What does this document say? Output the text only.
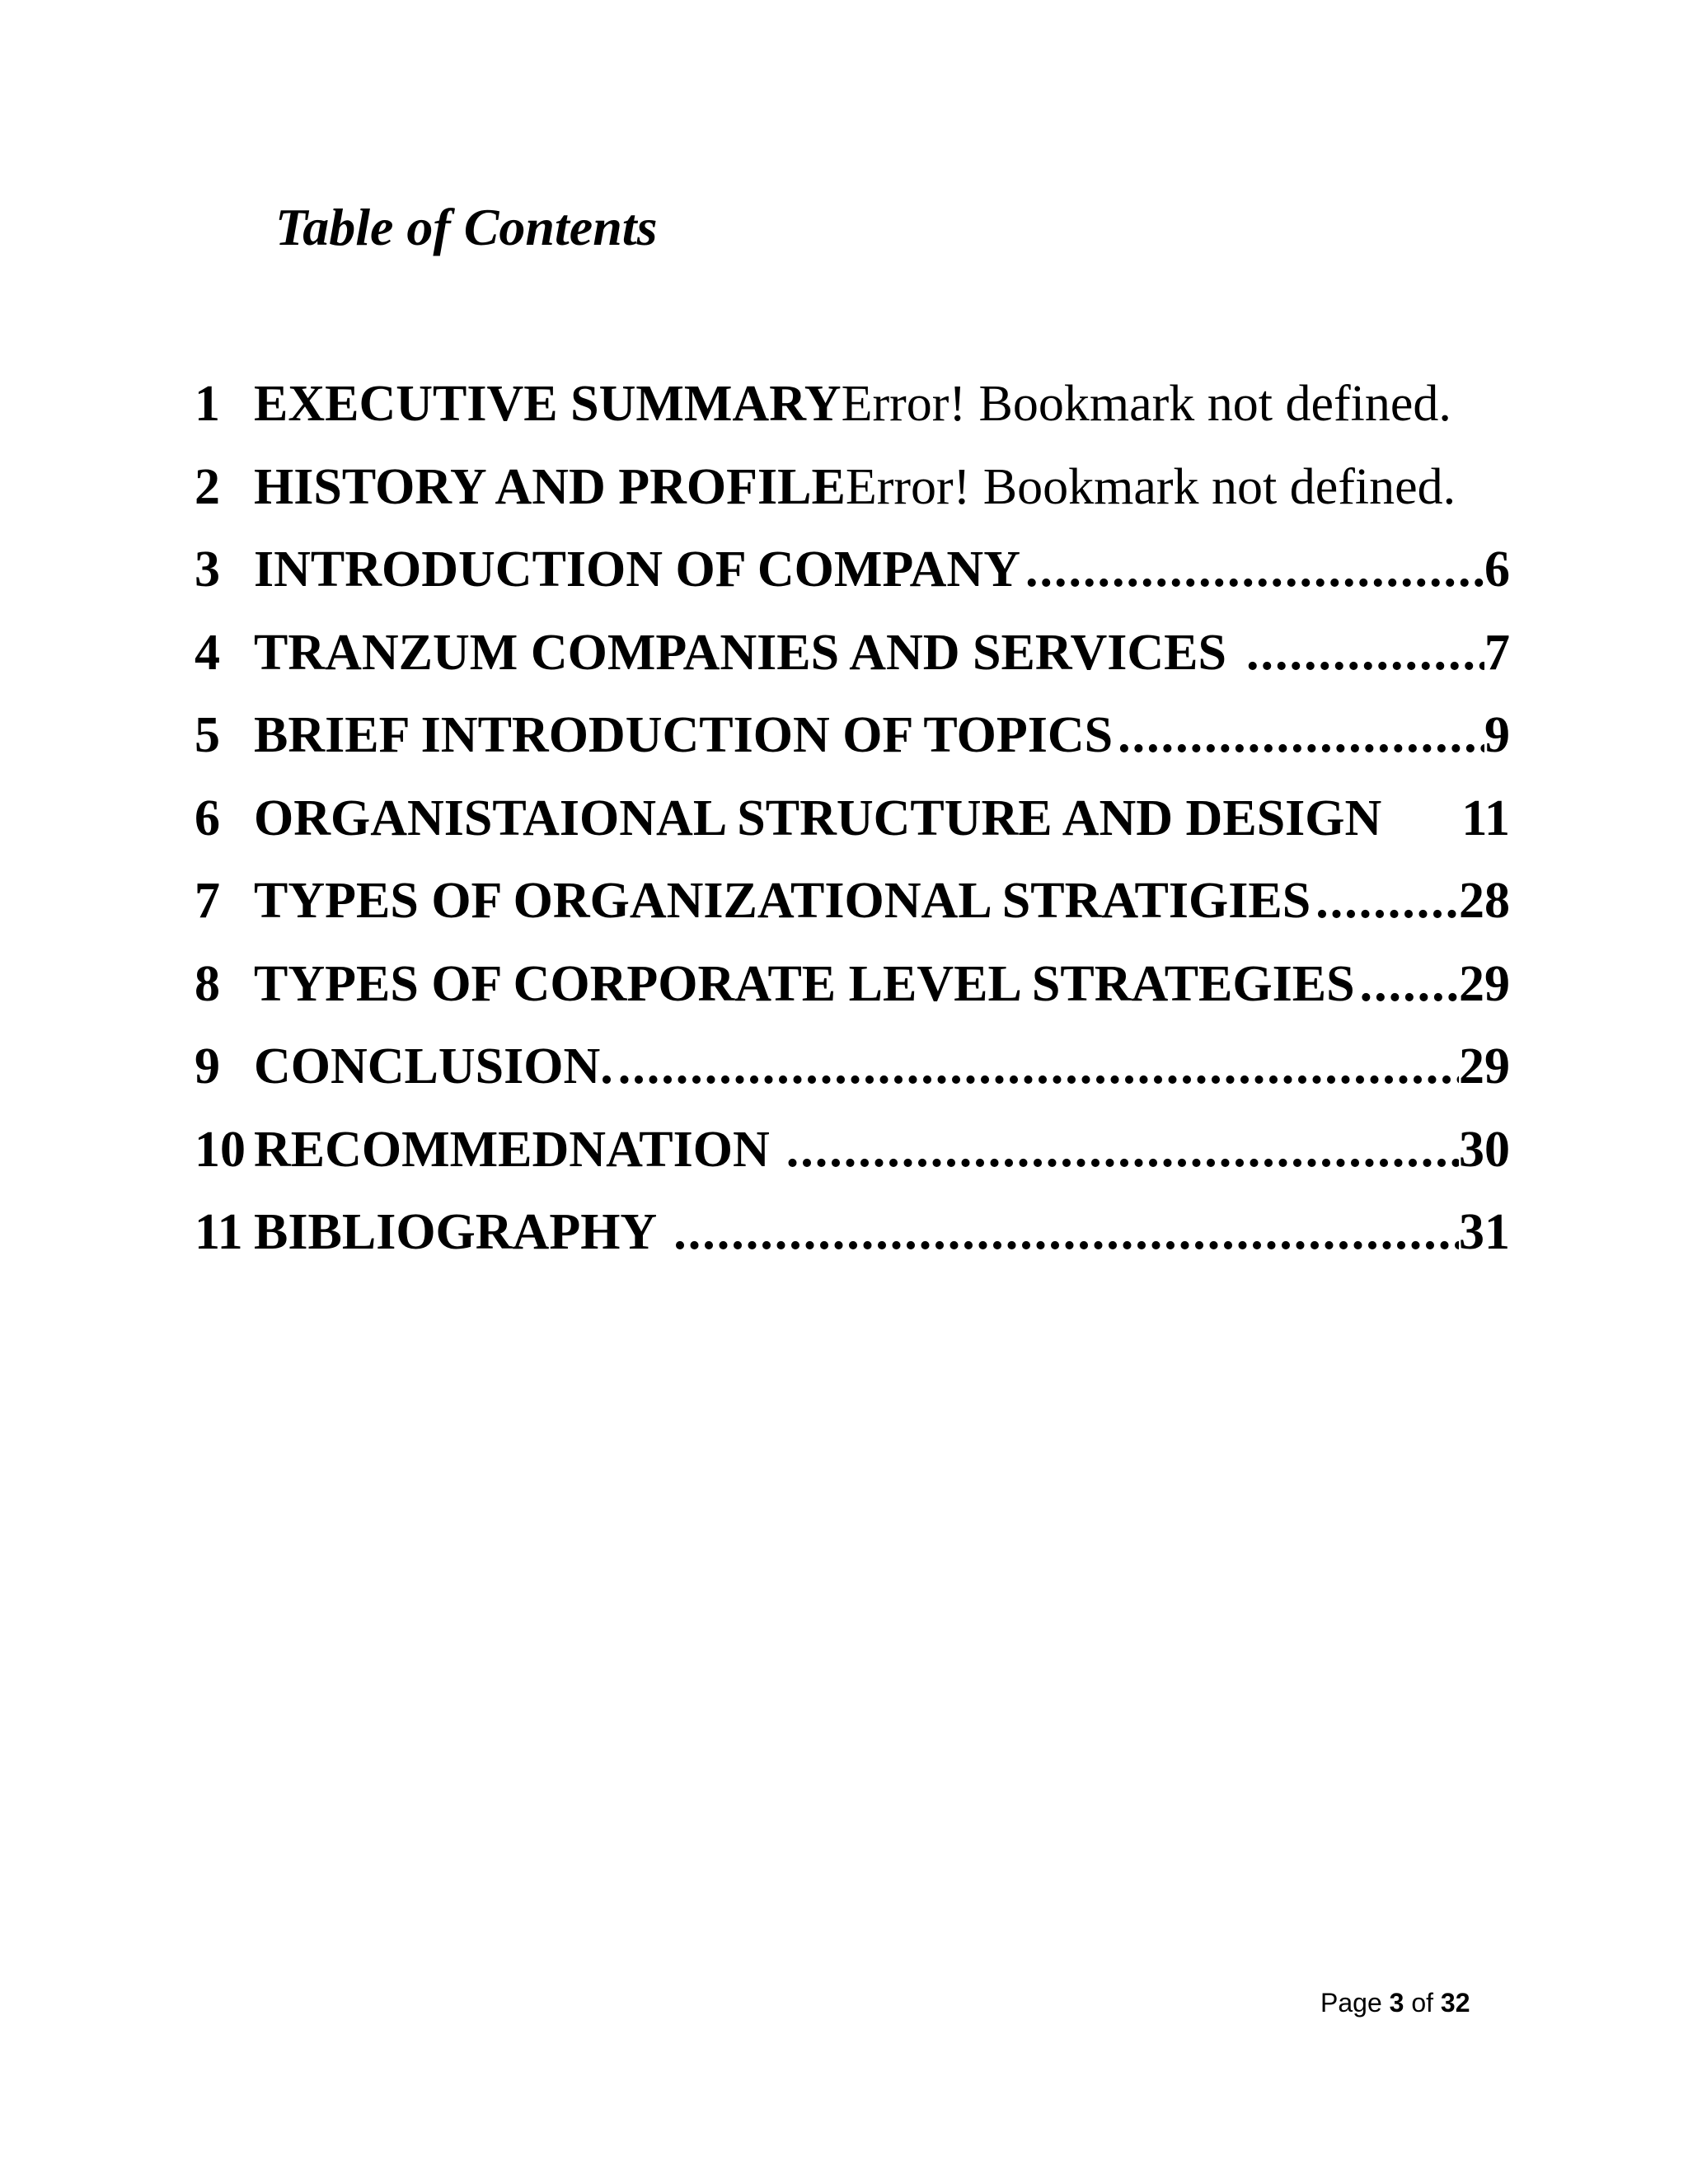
Table of Contents
1 EXECUTIVE SUMMARY Error! Bookmark not defined.
2 HISTORY AND PROFILE Error! Bookmark not defined.
3 INTRODUCTION OF COMPANY .....	6
4 TRANZUM COMPANIES AND SERVICES .....	7
5 BRIEF INTRODUCTION OF TOPICS .....	9
6 ORGANISTAIONAL STRUCTURE AND DESIGN 11
7 TYPES OF ORGANIZATIONAL STRATIGIES .....	28
8 TYPES OF CORPORATE LEVEL STRATEGIES ..... 29
9 CONCLUSION. .....	29
10 RECOMMEDNATION .....	30
11 BIBLIOGRAPHY .....	31
Page 3 of 32
